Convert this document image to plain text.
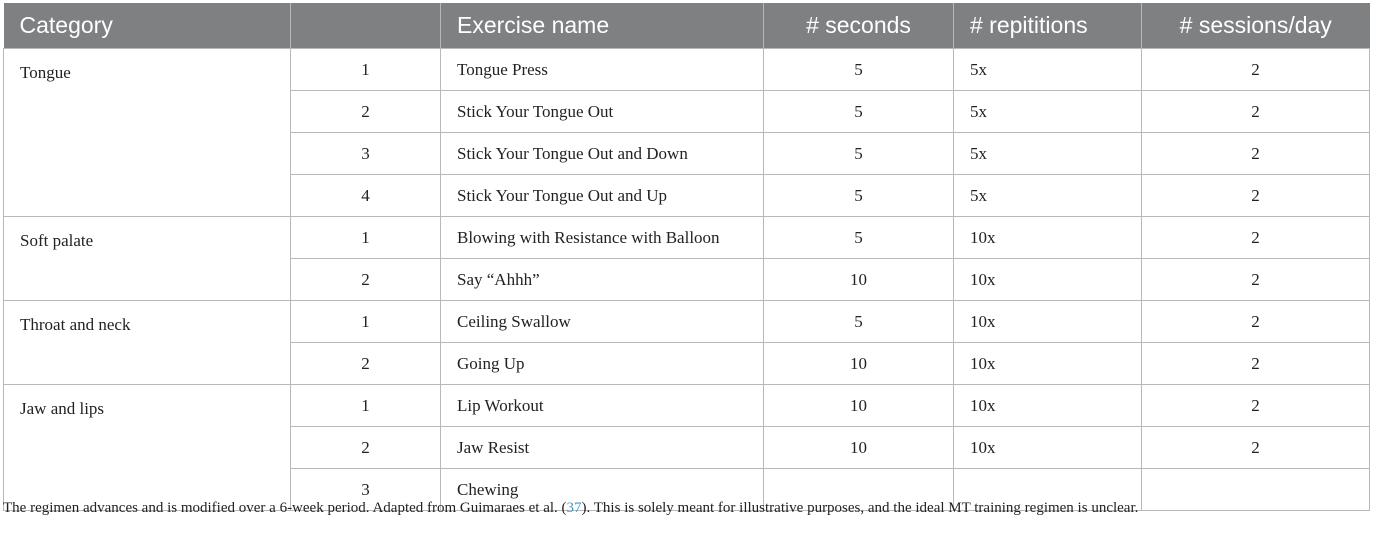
Category		Exercise name	# seconds	# repititions	# sessions/day
Tongue	1	Tongue Press	5	5x	2
	2	Stick Your Tongue Out	5	5x	2
	3	Stick Your Tongue Out and Down	5	5x	2
	4	Stick Your Tongue Out and Up	5	5x	2
Soft palate	1	Blowing with Resistance with Balloon	5	10x	2
	2	Say “Ahhh”	10	10x	2
Throat and neck	1	Ceiling Swallow	5	10x	2
	2	Going Up	10	10x	2
Jaw and lips	1	Lip Workout	10	10x	2
	2	Jaw Resist	10	10x	2
	3	Chewing			
The regimen advances and is modified over a 6-week period. Adapted from Guimaraes et al. (37). This is solely meant for illustrative purposes, and the ideal MT training regimen is unclear.
